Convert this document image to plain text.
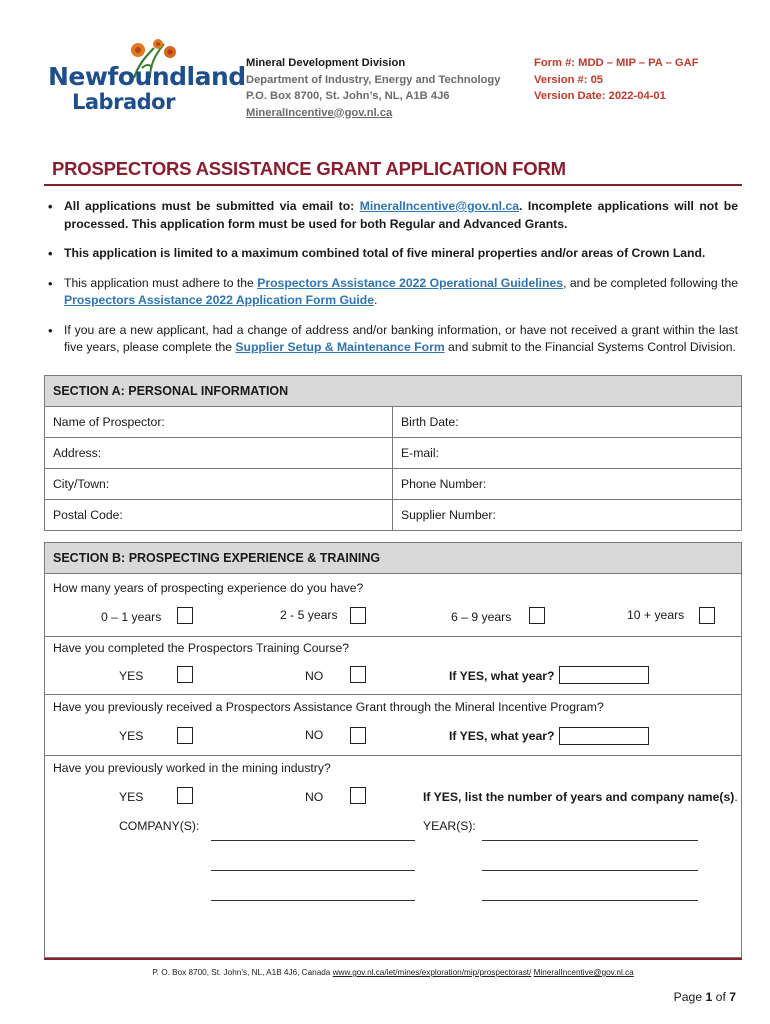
Newfoundland
Labrador
Mineral Development Division
Department of Industry, Energy and Technology
P.O. Box 8700, St. John’s, NL, A1B 4J6
MineralIncentive@gov.nl.ca
Form #: MDD – MIP – PA – GAF
Version #: 05
Version Date: 2022-04-01
PROSPECTORS ASSISTANCE GRANT APPLICATION FORM
• All applications must be submitted via email to: MineralIncentive@gov.nl.ca. Incomplete applications will not be processed. This application form must be used for both Regular and Advanced Grants.
• This application is limited to a maximum combined total of five mineral properties and/or areas of Crown Land.
• This application must adhere to the Prospectors Assistance 2022 Operational Guidelines, and be completed following the Prospectors Assistance 2022 Application Form Guide.
• If you are a new applicant, had a change of address and/or banking information, or have not received a grant within the last five years, please complete the Supplier Setup & Maintenance Form and submit to the Financial Systems Control Division.
SECTION A: PERSONAL INFORMATION
Name of Prospector:	Birth Date:
Address:	E-mail:
City/Town:	Phone Number:
Postal Code:	Supplier Number:
SECTION B: PROSPECTING EXPERIENCE & TRAINING
How many years of prospecting experience do you have?
0 – 1 years	2 - 5 years	6 – 9 years	10 + years
Have you completed the Prospectors Training Course?
YES	NO	If YES, what year?
Have you previously received a Prospectors Assistance Grant through the Mineral Incentive Program?
YES	NO	If YES, what year?
Have you previously worked in the mining industry?
YES	NO	If YES, list the number of years and company name(s).
COMPANY(S):	YEAR(S):
P. O. Box 8700, St. John’s, NL, A1B 4J6, Canada www.gov.nl.ca/iet/mines/exploration/mip/prospectorast/ MineralIncentive@gov.nl.ca
Page 1 of 7
